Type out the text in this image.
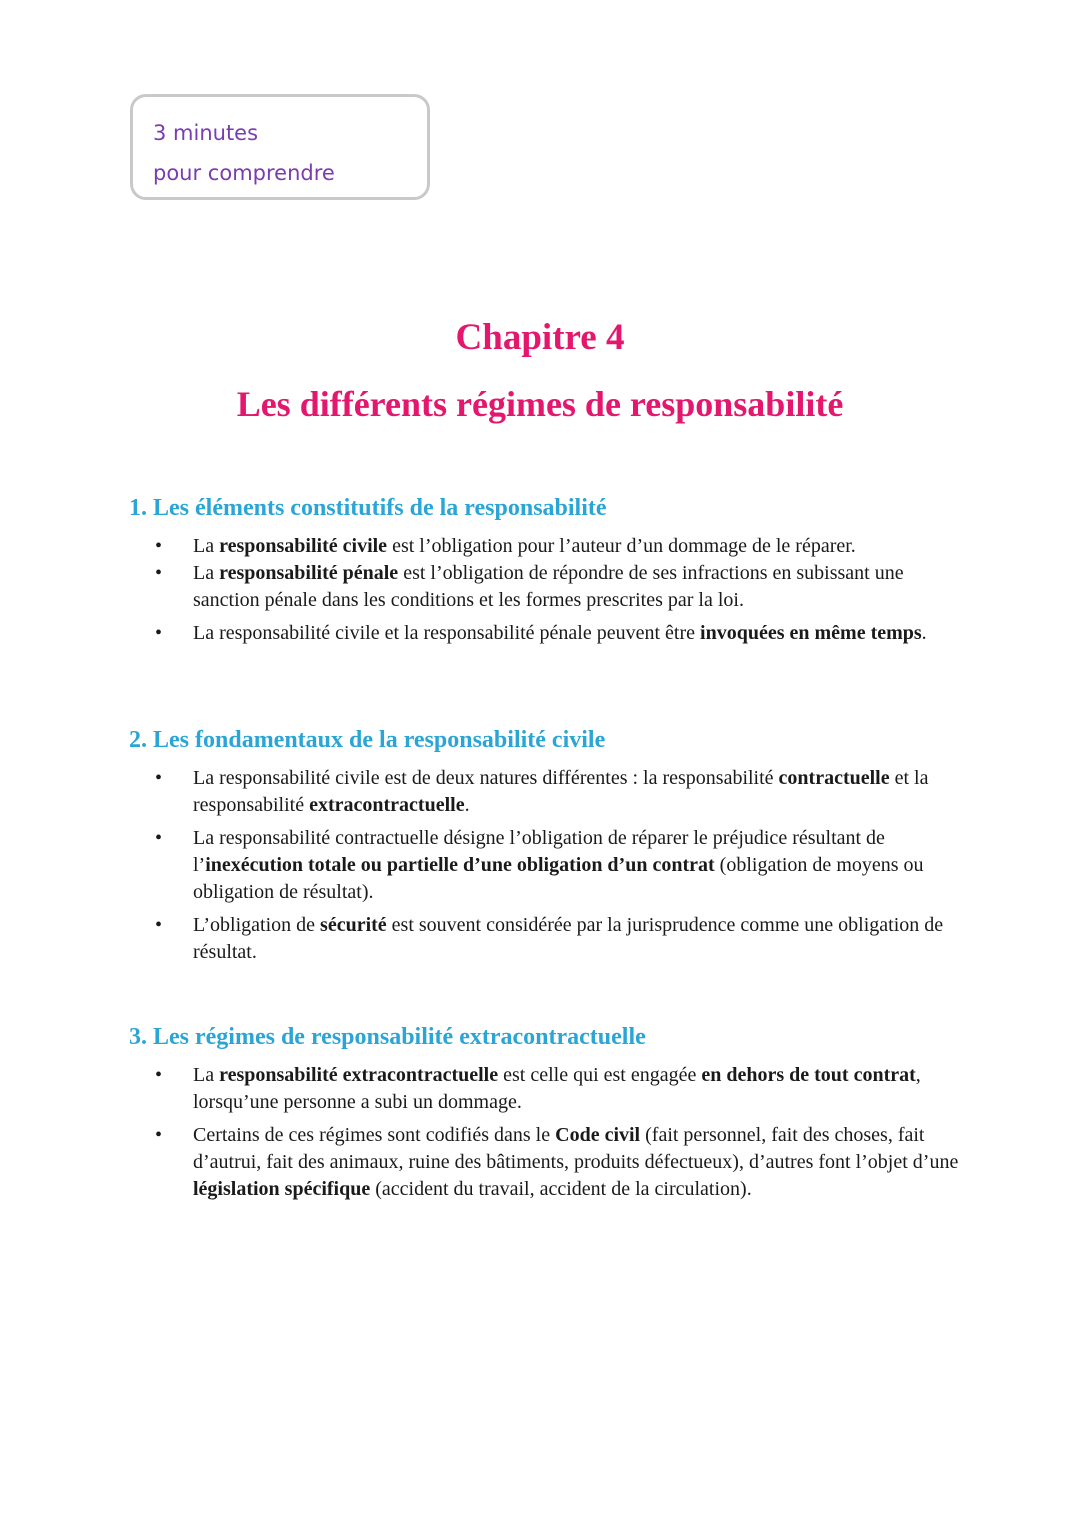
3 minutes
pour comprendre
Chapitre 4
Les différents régimes de responsabilité
1. Les éléments constitutifs de la responsabilité
• La responsabilité civile est l’obligation pour l’auteur d’un dommage de le réparer.
• La responsabilité pénale est l’obligation de répondre de ses infractions en subissant une sanction pénale dans les conditions et les formes prescrites par la loi.
• La responsabilité civile et la responsabilité pénale peuvent être invoquées en même temps.
2. Les fondamentaux de la responsabilité civile
• La responsabilité civile est de deux natures différentes : la responsabilité contractuelle et la responsabilité extracontractuelle.
• La responsabilité contractuelle désigne l’obligation de réparer le préjudice résultant de l’inexécution totale ou partielle d’une obligation d’un contrat (obligation de moyens ou obligation de résultat).
• L’obligation de sécurité est souvent considérée par la jurisprudence comme une obligation de résultat.
3. Les régimes de responsabilité extracontractuelle
• La responsabilité extracontractuelle est celle qui est engagée en dehors de tout contrat, lorsqu’une personne a subi un dommage.
• Certains de ces régimes sont codifiés dans le Code civil (fait personnel, fait des choses, fait d’autrui, fait des animaux, ruine des bâtiments, produits défectueux), d’autres font l’objet d’une législation spécifique (accident du travail, accident de la circulation).
